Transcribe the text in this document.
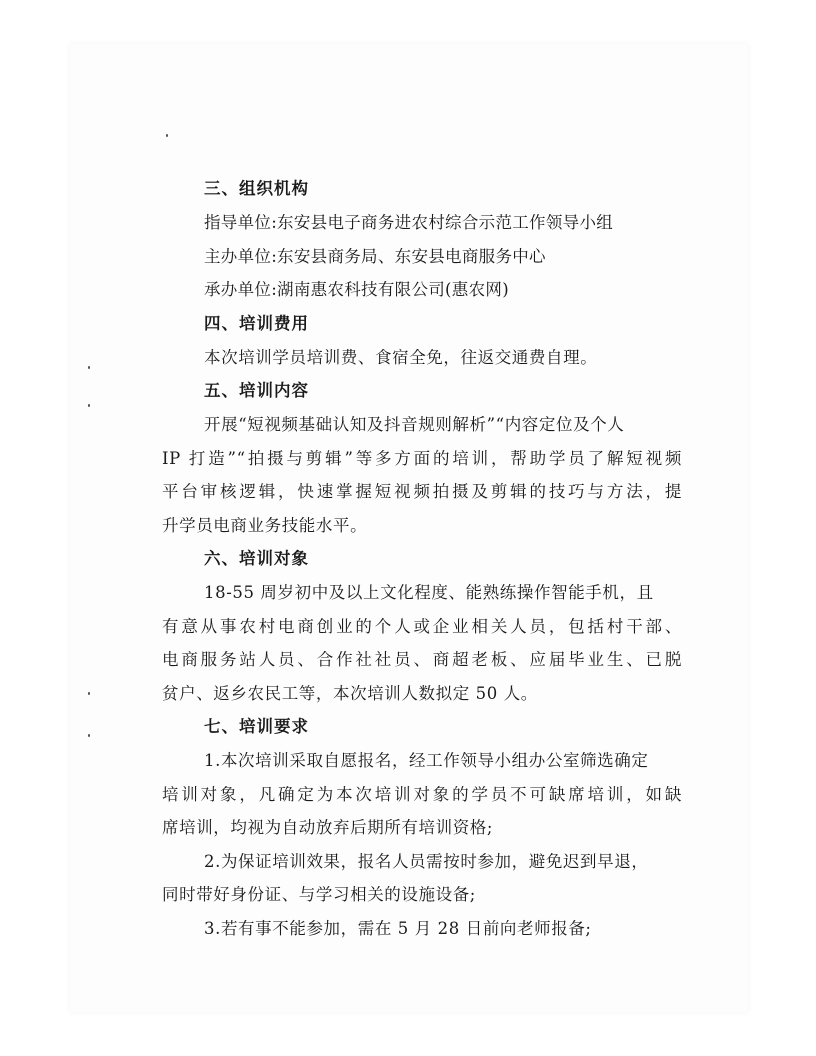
三、组织机构
指导单位:东安县电子商务进农村综合示范工作领导小组
主办单位:东安县商务局、东安县电商服务中心
承办单位:湖南惠农科技有限公司(惠农网)
四、培训费用
本次培训学员培训费、食宿全免，往返交通费自理。
五、培训内容
开展“短视频基础认知及抖音规则解析”“内容定位及个人
IP 打造”“拍摄与剪辑”等多方面的培训，帮助学员了解短视频
平台审核逻辑，快速掌握短视频拍摄及剪辑的技巧与方法，提
升学员电商业务技能水平。
六、培训对象
18-55 周岁初中及以上文化程度、能熟练操作智能手机，且
有意从事农村电商创业的个人或企业相关人员，包括村干部、
电商服务站人员、合作社社员、商超老板、应届毕业生、已脱
贫户、返乡农民工等，本次培训人数拟定 50 人。
七、培训要求
1.本次培训采取自愿报名，经工作领导小组办公室筛选确定
培训对象，凡确定为本次培训对象的学员不可缺席培训，如缺
席培训，均视为自动放弃后期所有培训资格;
2.为保证培训效果，报名人员需按时参加，避免迟到早退，
同时带好身份证、与学习相关的设施设备;
3.若有事不能参加，需在 5 月 28 日前向老师报备;
